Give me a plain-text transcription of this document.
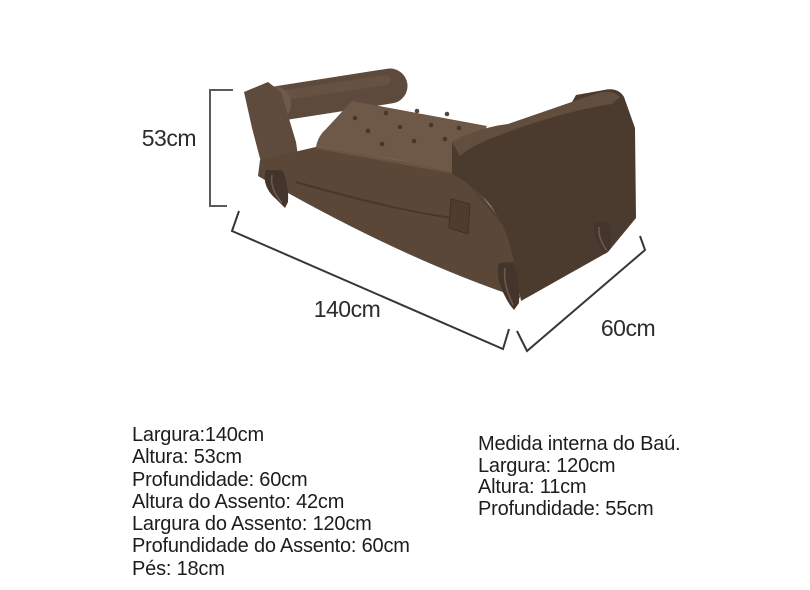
53cm
140cm
60cm
Largura:140cm
Altura: 53cm
Profundidade: 60cm
Altura do Assento: 42cm
Largura do Assento: 120cm
Profundidade do Assento: 60cm
Pés: 18cm
Medida interna do Baú.
Largura: 120cm
Altura: 11cm
Profundidade: 55cm
